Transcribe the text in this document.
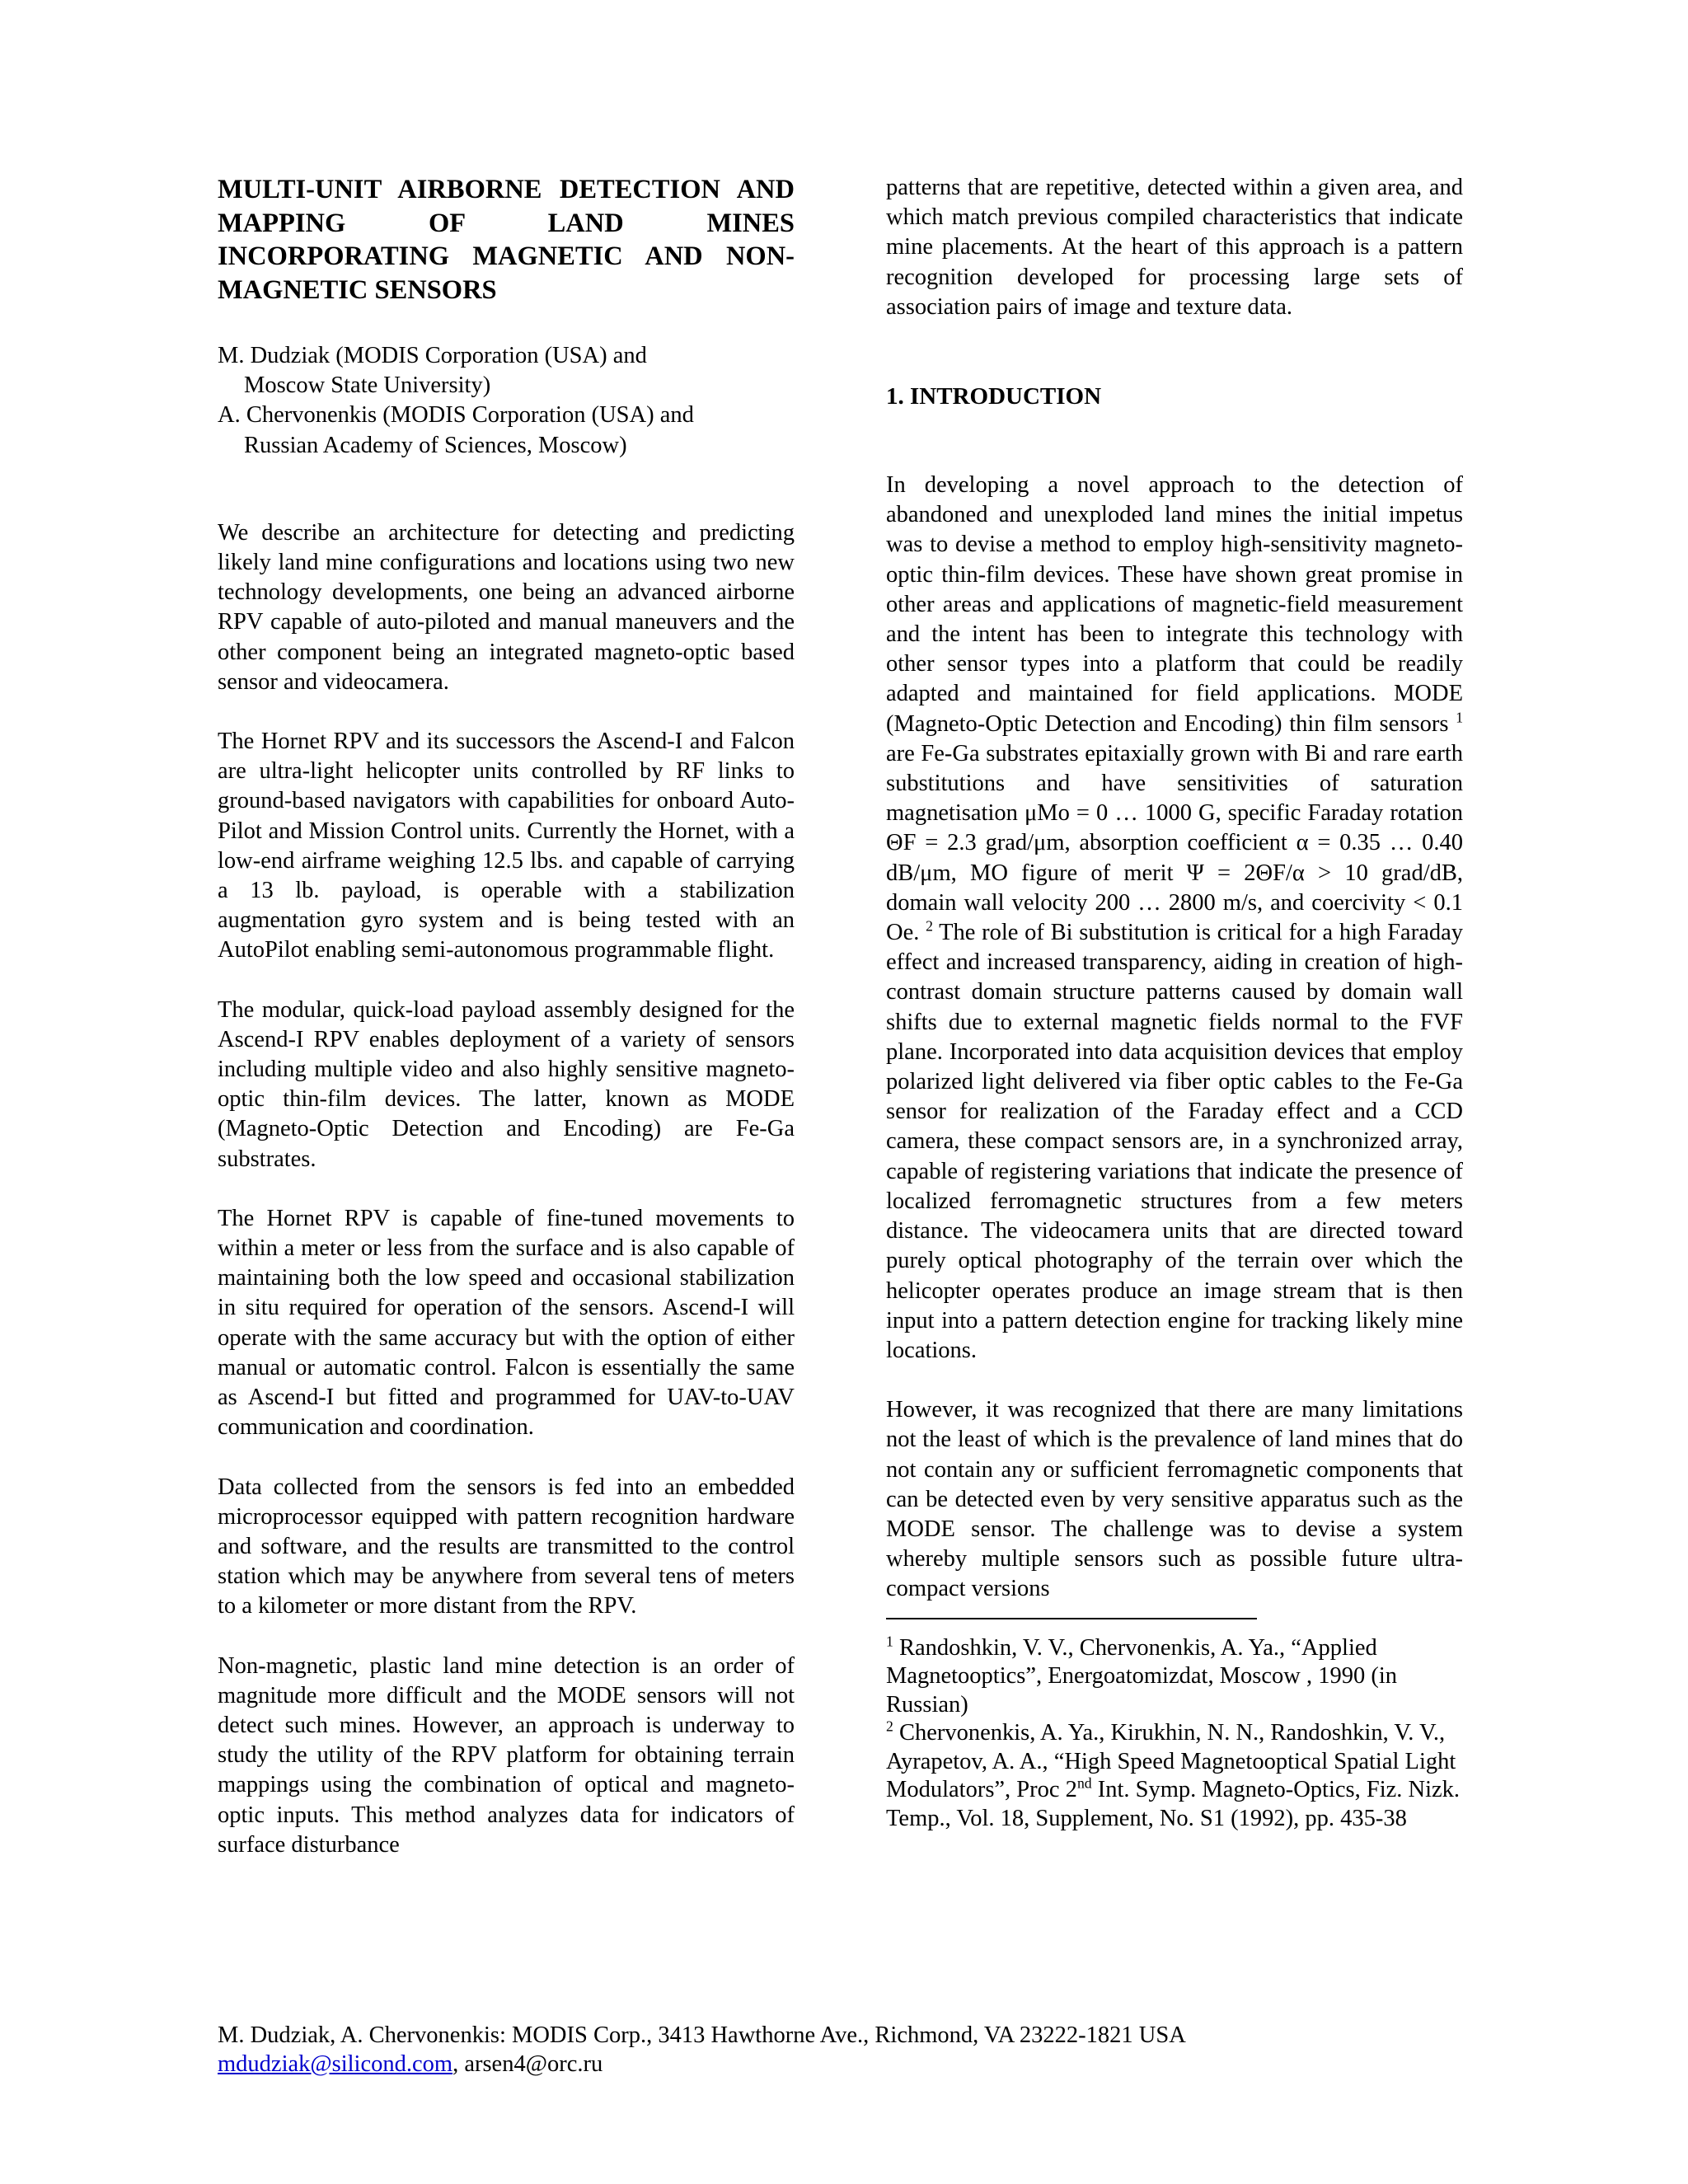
MULTI-UNIT AIRBORNE DETECTION AND MAPPING OF LAND MINES INCORPORATING MAGNETIC AND NON-MAGNETIC SENSORS

M. Dudziak (MODIS Corporation (USA) and

Moscow State University)

A. Chervonenkis (MODIS Corporation (USA) and

Russian Academy of Sciences, Moscow)

We describe an architecture for detecting and predicting likely land mine configurations and locations using two new technology developments, one being an advanced airborne RPV capable of auto-piloted and manual maneuvers and the other component being an integrated magneto-optic based sensor and videocamera.

The Hornet RPV and its successors the Ascend-I and Falcon are ultra-light helicopter units controlled by RF links to ground-based navigators with capabilities for onboard Auto-Pilot and Mission Control units. Currently the Hornet, with a low-end airframe weighing 12.5 lbs. and capable of carrying a 13 lb. payload, is operable with a stabilization augmentation gyro system and is being tested with an AutoPilot enabling semi-autonomous programmable flight.

The modular, quick-load payload assembly designed for the Ascend-I RPV enables deployment of a variety of sensors including multiple video and also highly sensitive magneto-optic thin-film devices. The latter, known as MODE (Magneto-Optic Detection and Encoding) are Fe-Ga substrates.

The Hornet RPV is capable of fine-tuned movements to within a meter or less from the surface and is also capable of maintaining both the low speed and occasional stabilization in situ required for operation of the sensors. Ascend-I will operate with the same accuracy but with the option of either manual or automatic control. Falcon is essentially the same as Ascend-I but fitted and programmed for UAV-to-UAV communication and coordination.

Data collected from the sensors is fed into an embedded microprocessor equipped with pattern recognition hardware and software, and the results are transmitted to the control station which may be anywhere from several tens of meters to a kilometer or more distant from the RPV.

Non-magnetic, plastic land mine detection is an order of magnitude more difficult and the MODE sensors will not detect such mines. However, an approach is underway to study the utility of the RPV platform for obtaining terrain mappings using the combination of optical and magneto-optic inputs. This method analyzes data for indicators of surface disturbance

patterns that are repetitive, detected within a given area, and which match previous compiled characteristics that indicate mine placements. At the heart of this approach is a pattern recognition developed for processing large sets of association pairs of image and texture data.

1. INTRODUCTION

In developing a novel approach to the detection of abandoned and unexploded land mines the initial impetus was to devise a method to employ high-sensitivity magneto-optic thin-film devices. These have shown great promise in other areas and applications of magnetic-field measurement and the intent has been to integrate this technology with other sensor types into a platform that could be readily adapted and maintained for field applications. MODE (Magneto-Optic Detection and Encoding) thin film sensors $^1$ are Fe-Ga substrates epitaxially grown with Bi and rare earth substitutions and have sensitivities of saturation magnetisation μMo = 0 … 1000 G, specific Faraday rotation ΘF = 2.3 grad/μm, absorption coefficient α = 0.35 … 0.40 dB/μm, MO figure of merit Ψ = 2ΘF/α > 10 grad/dB, domain wall velocity 200 … 2800 m/s, and coercivity < 0.1 Oe. $^2$ The role of Bi substitution is critical for a high Faraday effect and increased transparency, aiding in creation of high-contrast domain structure patterns caused by domain wall shifts due to external magnetic fields normal to the FVF plane. Incorporated into data acquisition devices that employ polarized light delivered via fiber optic cables to the Fe-Ga sensor for realization of the Faraday effect and a CCD camera, these compact sensors are, in a synchronized array, capable of registering variations that indicate the presence of localized ferromagnetic structures from a few meters distance. The videocamera units that are directed toward purely optical photography of the terrain over which the helicopter operates produce an image stream that is then input into a pattern detection engine for tracking likely mine locations.

However, it was recognized that there are many limitations not the least of which is the prevalence of land mines that do not contain any or sufficient ferromagnetic components that can be detected even by very sensitive apparatus such as the MODE sensor. The challenge was to devise a system whereby multiple sensors such as possible future ultra-compact versions

$^1$ Randoshkin, V. V., Chervonenkis, A. Ya., “Applied Magnetooptics”, Energoatomizdat, Moscow , 1990 (in Russian)

$^2$ Chervonenkis, A. Ya., Kirukhin, N. N., Randoshkin, V. V., Ayrapetov, A. A., “High Speed Magnetooptical Spatial Light Modulators”, Proc 2nd Int. Symp. Magneto-Optics, Fiz. Nizk. Temp., Vol. 18, Supplement, No. S1 (1992), pp. 435-38

M. Dudziak, A. Chervonenkis: MODIS Corp., 3413 Hawthorne Ave., Richmond, VA 23222-1821 USA

mdudziak@silicond.com, arsen4@orc.ru
